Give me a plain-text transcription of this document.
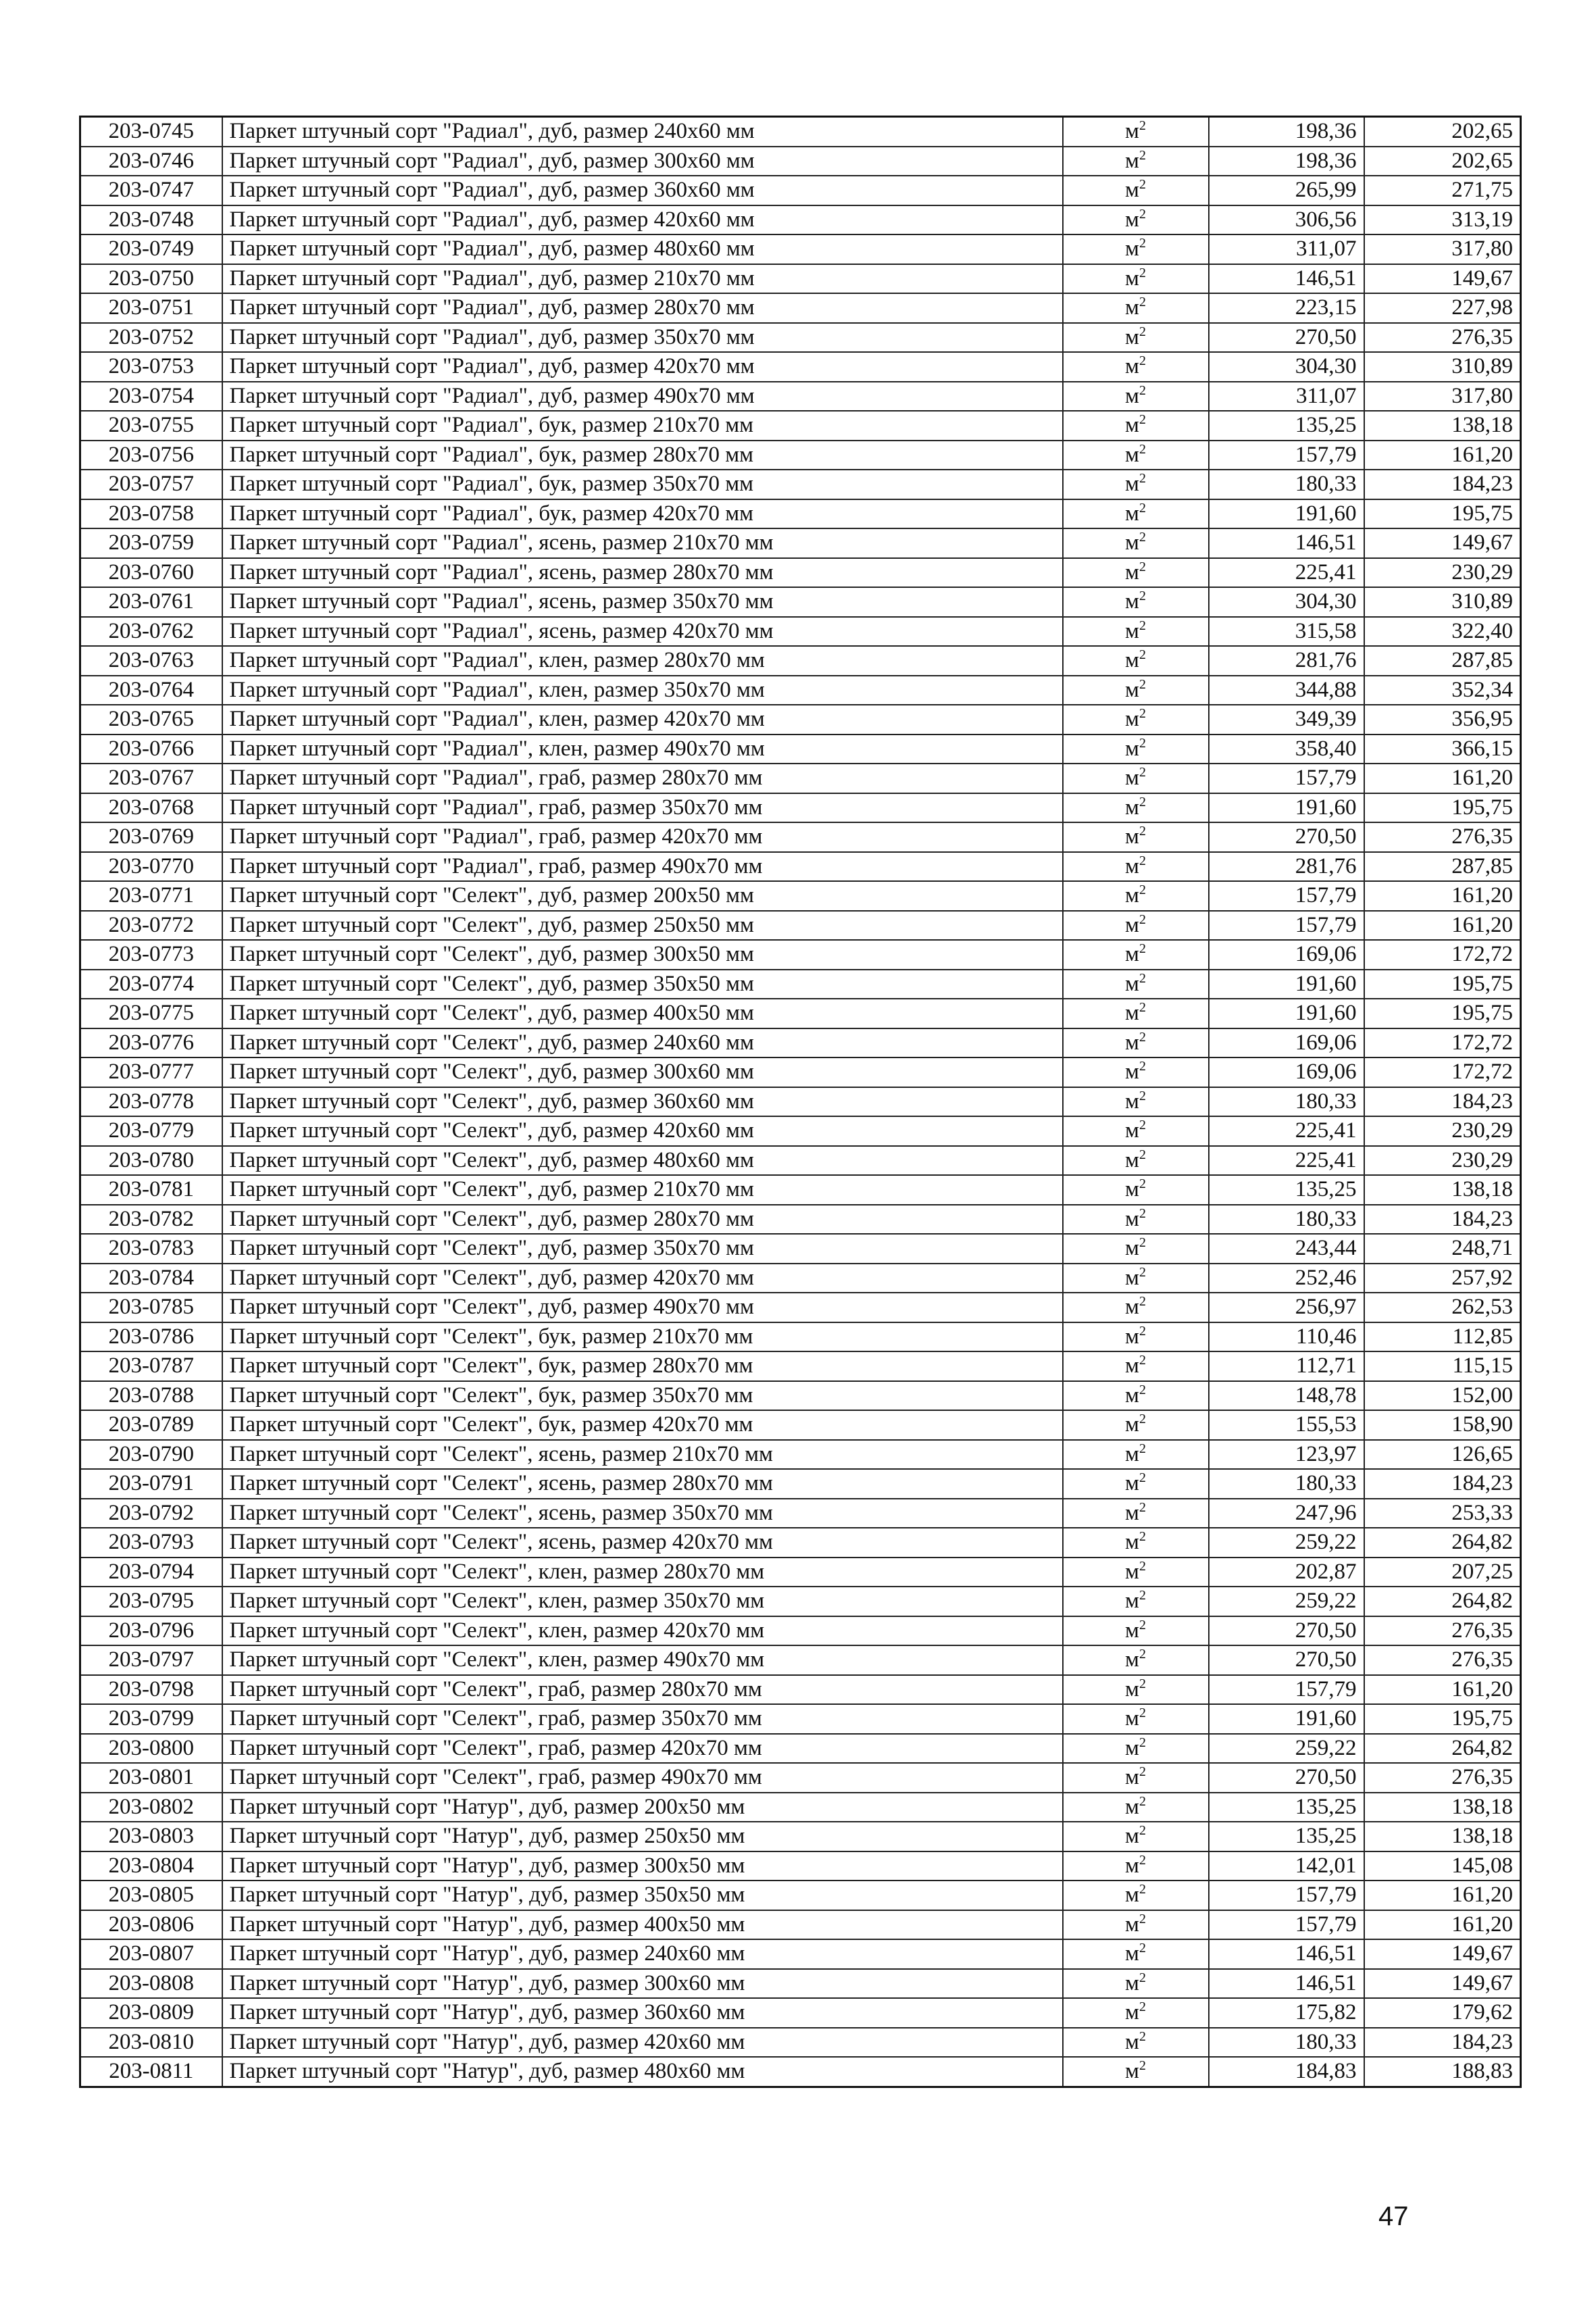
203-0745	Паркет штучный сорт "Радиал", дуб, размер 240х60 мм	$м^2$	198,36	202,65
203-0746	Паркет штучный сорт "Радиал", дуб, размер 300х60 мм	$м^2$	198,36	202,65
203-0747	Паркет штучный сорт "Радиал", дуб, размер 360х60 мм	$м^2$	265,99	271,75
203-0748	Паркет штучный сорт "Радиал", дуб, размер 420х60 мм	$м^2$	306,56	313,19
203-0749	Паркет штучный сорт "Радиал", дуб, размер 480х60 мм	$м^2$	311,07	317,80
203-0750	Паркет штучный сорт "Радиал", дуб, размер 210х70 мм	$м^2$	146,51	149,67
203-0751	Паркет штучный сорт "Радиал", дуб, размер 280х70 мм	$м^2$	223,15	227,98
203-0752	Паркет штучный сорт "Радиал", дуб, размер 350х70 мм	$м^2$	270,50	276,35
203-0753	Паркет штучный сорт "Радиал", дуб, размер 420х70 мм	$м^2$	304,30	310,89
203-0754	Паркет штучный сорт "Радиал", дуб, размер 490х70 мм	$м^2$	311,07	317,80
203-0755	Паркет штучный сорт "Радиал", бук, размер 210х70 мм	$м^2$	135,25	138,18
203-0756	Паркет штучный сорт "Радиал", бук, размер 280х70 мм	$м^2$	157,79	161,20
203-0757	Паркет штучный сорт "Радиал", бук, размер 350х70 мм	$м^2$	180,33	184,23
203-0758	Паркет штучный сорт "Радиал", бук, размер 420х70 мм	$м^2$	191,60	195,75
203-0759	Паркет штучный сорт "Радиал", ясень, размер 210х70 мм	$м^2$	146,51	149,67
203-0760	Паркет штучный сорт "Радиал", ясень, размер 280х70 мм	$м^2$	225,41	230,29
203-0761	Паркет штучный сорт "Радиал", ясень, размер 350х70 мм	$м^2$	304,30	310,89
203-0762	Паркет штучный сорт "Радиал", ясень, размер 420х70 мм	$м^2$	315,58	322,40
203-0763	Паркет штучный сорт "Радиал", клен, размер 280х70 мм	$м^2$	281,76	287,85
203-0764	Паркет штучный сорт "Радиал", клен, размер 350х70 мм	$м^2$	344,88	352,34
203-0765	Паркет штучный сорт "Радиал", клен, размер 420х70 мм	$м^2$	349,39	356,95
203-0766	Паркет штучный сорт "Радиал", клен, размер 490х70 мм	$м^2$	358,40	366,15
203-0767	Паркет штучный сорт "Радиал", граб, размер 280х70 мм	$м^2$	157,79	161,20
203-0768	Паркет штучный сорт "Радиал", граб, размер 350х70 мм	$м^2$	191,60	195,75
203-0769	Паркет штучный сорт "Радиал", граб, размер 420х70 мм	$м^2$	270,50	276,35
203-0770	Паркет штучный сорт "Радиал", граб, размер 490х70 мм	$м^2$	281,76	287,85
203-0771	Паркет штучный сорт "Селект", дуб, размер 200х50 мм	$м^2$	157,79	161,20
203-0772	Паркет штучный сорт "Селект", дуб, размер 250х50 мм	$м^2$	157,79	161,20
203-0773	Паркет штучный сорт "Селект", дуб, размер 300х50 мм	$м^2$	169,06	172,72
203-0774	Паркет штучный сорт "Селект", дуб, размер 350х50 мм	$м^2$	191,60	195,75
203-0775	Паркет штучный сорт "Селект", дуб, размер 400х50 мм	$м^2$	191,60	195,75
203-0776	Паркет штучный сорт "Селект", дуб, размер 240х60 мм	$м^2$	169,06	172,72
203-0777	Паркет штучный сорт "Селект", дуб, размер 300х60 мм	$м^2$	169,06	172,72
203-0778	Паркет штучный сорт "Селект", дуб, размер 360х60 мм	$м^2$	180,33	184,23
203-0779	Паркет штучный сорт "Селект", дуб, размер 420х60 мм	$м^2$	225,41	230,29
203-0780	Паркет штучный сорт "Селект", дуб, размер 480х60 мм	$м^2$	225,41	230,29
203-0781	Паркет штучный сорт "Селект", дуб, размер 210х70 мм	$м^2$	135,25	138,18
203-0782	Паркет штучный сорт "Селект", дуб, размер 280х70 мм	$м^2$	180,33	184,23
203-0783	Паркет штучный сорт "Селект", дуб, размер 350х70 мм	$м^2$	243,44	248,71
203-0784	Паркет штучный сорт "Селект", дуб, размер 420х70 мм	$м^2$	252,46	257,92
203-0785	Паркет штучный сорт "Селект", дуб, размер 490х70 мм	$м^2$	256,97	262,53
203-0786	Паркет штучный сорт "Селект", бук, размер 210х70 мм	$м^2$	110,46	112,85
203-0787	Паркет штучный сорт "Селект", бук, размер 280х70 мм	$м^2$	112,71	115,15
203-0788	Паркет штучный сорт "Селект", бук, размер 350х70 мм	$м^2$	148,78	152,00
203-0789	Паркет штучный сорт "Селект", бук, размер 420х70 мм	$м^2$	155,53	158,90
203-0790	Паркет штучный сорт "Селект", ясень, размер 210х70 мм	$м^2$	123,97	126,65
203-0791	Паркет штучный сорт "Селект", ясень, размер 280х70 мм	$м^2$	180,33	184,23
203-0792	Паркет штучный сорт "Селект", ясень, размер 350х70 мм	$м^2$	247,96	253,33
203-0793	Паркет штучный сорт "Селект", ясень, размер 420х70 мм	$м^2$	259,22	264,82
203-0794	Паркет штучный сорт "Селект", клен, размер 280х70 мм	$м^2$	202,87	207,25
203-0795	Паркет штучный сорт "Селект", клен, размер 350х70 мм	$м^2$	259,22	264,82
203-0796	Паркет штучный сорт "Селект", клен, размер 420х70 мм	$м^2$	270,50	276,35
203-0797	Паркет штучный сорт "Селект", клен, размер 490х70 мм	$м^2$	270,50	276,35
203-0798	Паркет штучный сорт "Селект", граб, размер 280х70 мм	$м^2$	157,79	161,20
203-0799	Паркет штучный сорт "Селект", граб, размер 350х70 мм	$м^2$	191,60	195,75
203-0800	Паркет штучный сорт "Селект", граб, размер 420х70 мм	$м^2$	259,22	264,82
203-0801	Паркет штучный сорт "Селект", граб, размер 490х70 мм	$м^2$	270,50	276,35
203-0802	Паркет штучный сорт "Натур", дуб, размер 200х50 мм	$м^2$	135,25	138,18
203-0803	Паркет штучный сорт "Натур", дуб, размер 250х50 мм	$м^2$	135,25	138,18
203-0804	Паркет штучный сорт "Натур", дуб, размер 300х50 мм	$м^2$	142,01	145,08
203-0805	Паркет штучный сорт "Натур", дуб, размер 350х50 мм	$м^2$	157,79	161,20
203-0806	Паркет штучный сорт "Натур", дуб, размер 400х50 мм	$м^2$	157,79	161,20
203-0807	Паркет штучный сорт "Натур", дуб, размер 240х60 мм	$м^2$	146,51	149,67
203-0808	Паркет штучный сорт "Натур", дуб, размер 300х60 мм	$м^2$	146,51	149,67
203-0809	Паркет штучный сорт "Натур", дуб, размер 360х60 мм	$м^2$	175,82	179,62
203-0810	Паркет штучный сорт "Натур", дуб, размер 420х60 мм	$м^2$	180,33	184,23
203-0811	Паркет штучный сорт "Натур", дуб, размер 480х60 мм	$м^2$	184,83	188,83
47
